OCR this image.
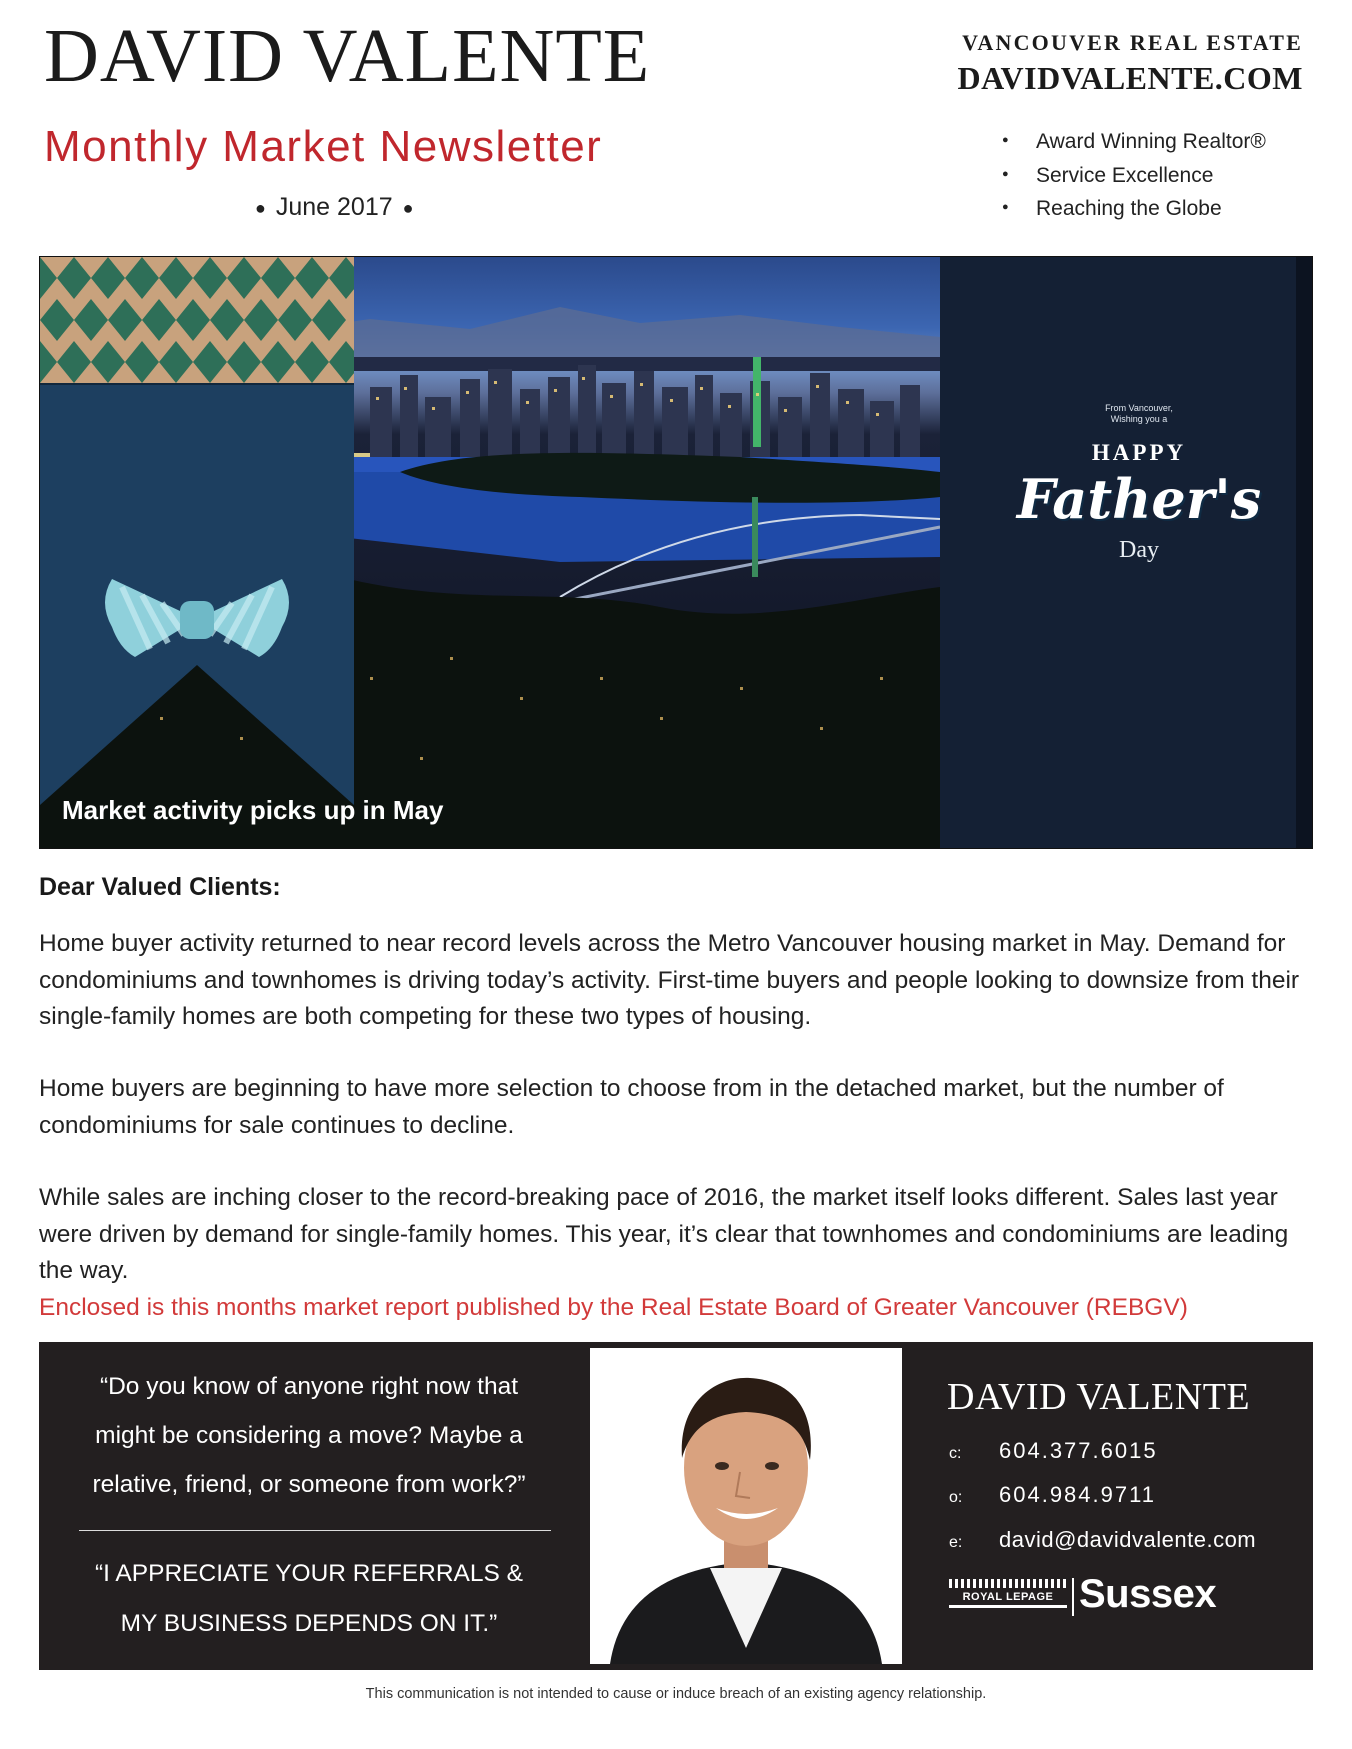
DAVID VALENTE
Monthly Market Newsletter
● June 2017 ●
VANCOUVER REAL ESTATE
DAVIDVALENTE.COM
● Award Winning Realtor®
● Service Excellence
● Reaching the Globe
From Vancouver,
Wishing you a
HAPPY
Father's
Day
Market activity picks up in May
Dear Valued Clients:

Home buyer activity returned to near record levels across the Metro Vancouver housing market in May. Demand for condominiums and townhomes is driving today’s activity. First-time buyers and people looking to downsize from their single-family homes are both competing for these two types of housing.

Home buyers are beginning to have more selection to choose from in the detached market, but the number of condominiums for sale continues to decline.

While sales are inching closer to the record-breaking pace of 2016, the market itself looks different. Sales last year were driven by demand for single-family homes. This year, it’s clear that townhomes and condominiums are leading the way.

Enclosed is this months market report published by the Real Estate Board of Greater Vancouver (REBGV)

“Do you know of anyone right now that might be considering a move? Maybe a relative, friend, or someone from work?”

“I APPRECIATE YOUR REFERRALS & MY BUSINESS DEPENDS ON IT.”

DAVID VALENTE
c: 604.377.6015
o: 604.984.9711
e: david@davidvalente.com
ROYAL LEPAGE Sussex
This communication is not intended to cause or induce breach of an existing agency relationship.
